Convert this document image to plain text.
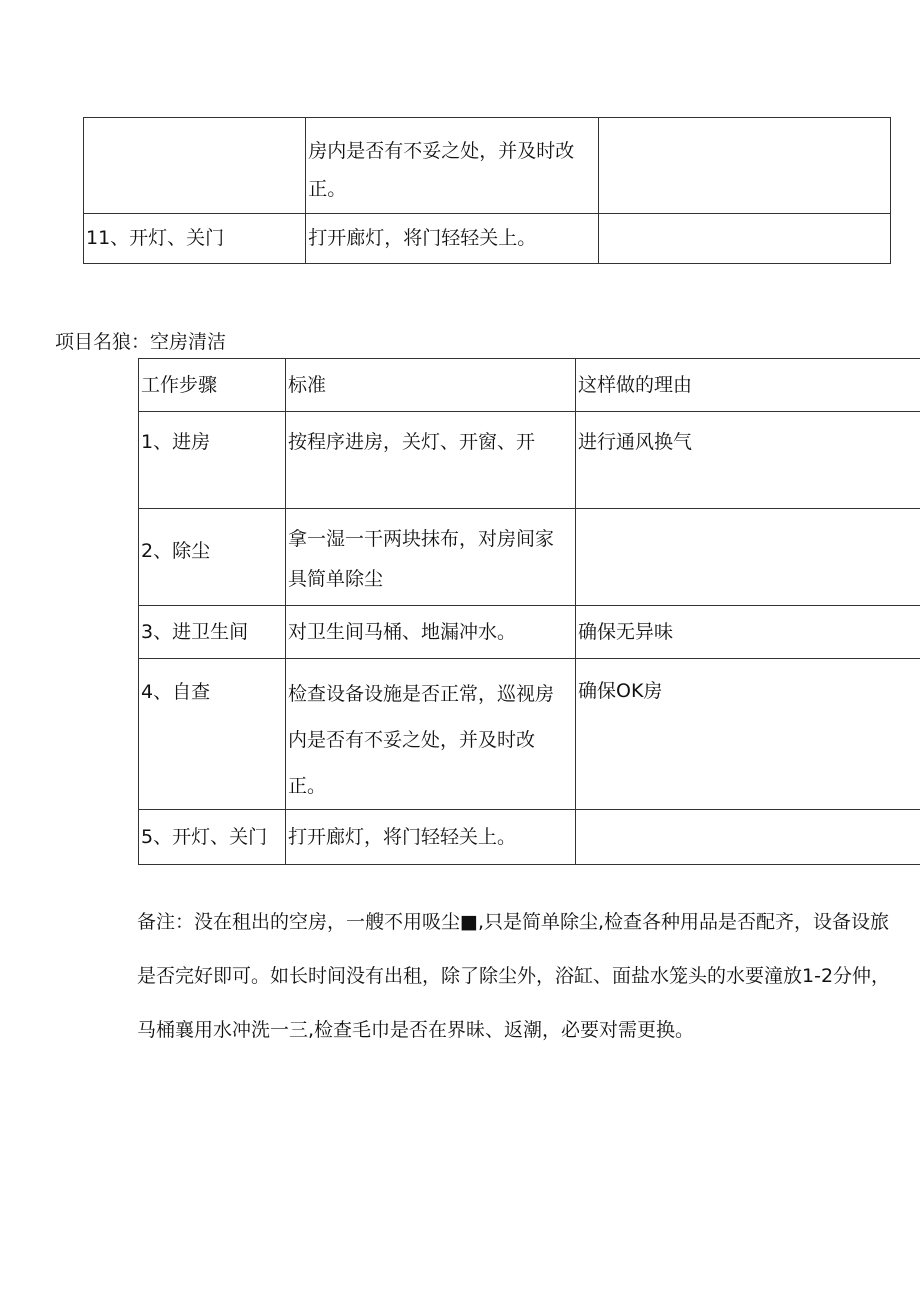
	房内是否有不妥之处，并及时改正。	

11、开灯、关门	打开廊灯，将门轻轻关上。	

项目名狼：空房清洁
工作步骤	标准	这样做的理由

1、进房	按程序进房，关灯、开窗、开	进行通风换气

2、除尘	拿一湿一干两块抹布，对房间家具简单除尘	

3、进卫生间	对卫生间马桶、地漏冲水。	确保无异味

4、自查	检查设备设施是否正常，巡视房内是否有不妥之处，并及时改正。	确保OK房

5、开灯、关门	打开廊灯，将门轻轻关上。	

备注：没在租出的空房，一艘不用吸尘■,只是简单除尘,检查各种用品是否配齐，设备设旅
是否完好即可。如长时间没有出租，除了除尘外，浴缸、面盐水笼头的水要潼放1-2分仲，
马桶襄用水冲洗一三,检查毛巾是否在界昧、返潮，必要对需更换。
